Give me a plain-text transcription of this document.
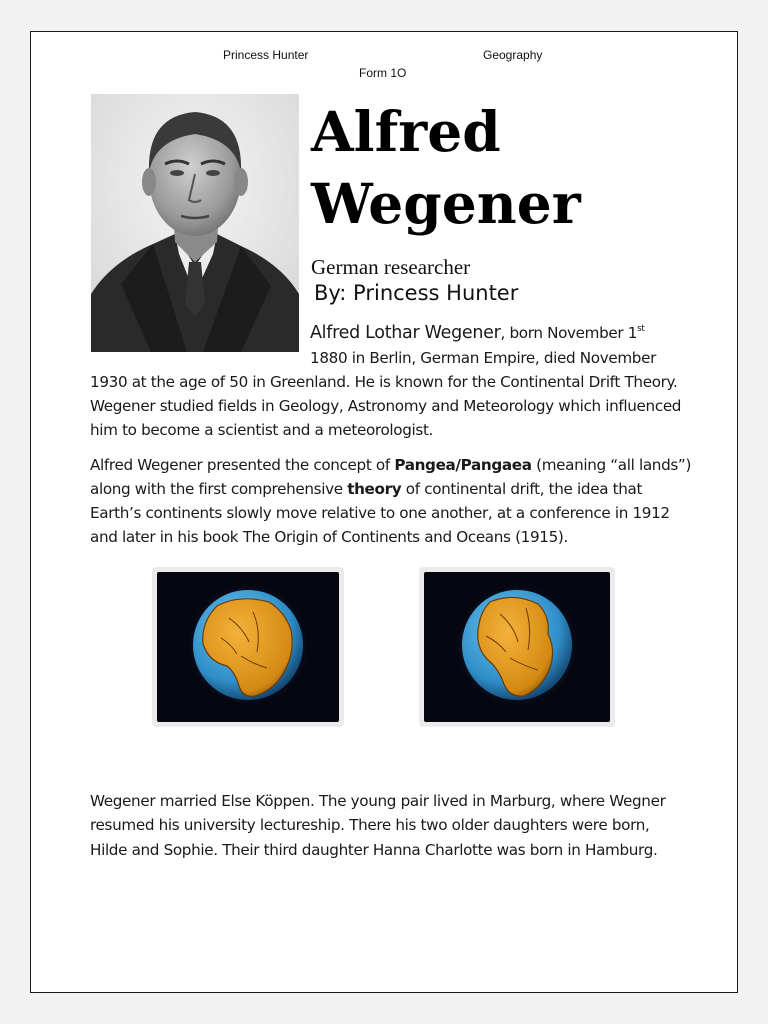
Princess Hunter	Geography
Form 1O
Alfred
Wegener
German researcher
By: Princess Hunter
Alfred Lothar Wegener, born November 1st
1880 in Berlin, German Empire, died November
1930 at the age of 50 in Greenland. He is known for the Continental Drift Theory.
Wegener studied fields in Geology, Astronomy and Meteorology which influenced
him to become a scientist and a meteorologist.
Alfred Wegener presented the concept of Pangea/Pangaea (meaning “all lands”)
along with the first comprehensive theory of continental drift, the idea that
Earth’s continents slowly move relative to one another, at a conference in 1912
and later in his book The Origin of Continents and Oceans (1915).
Wegener married Else Köppen. The young pair lived in Marburg, where Wegner
resumed his university lectureship. There his two older daughters were born,
Hilde and Sophie. Their third daughter Hanna Charlotte was born in Hamburg.
